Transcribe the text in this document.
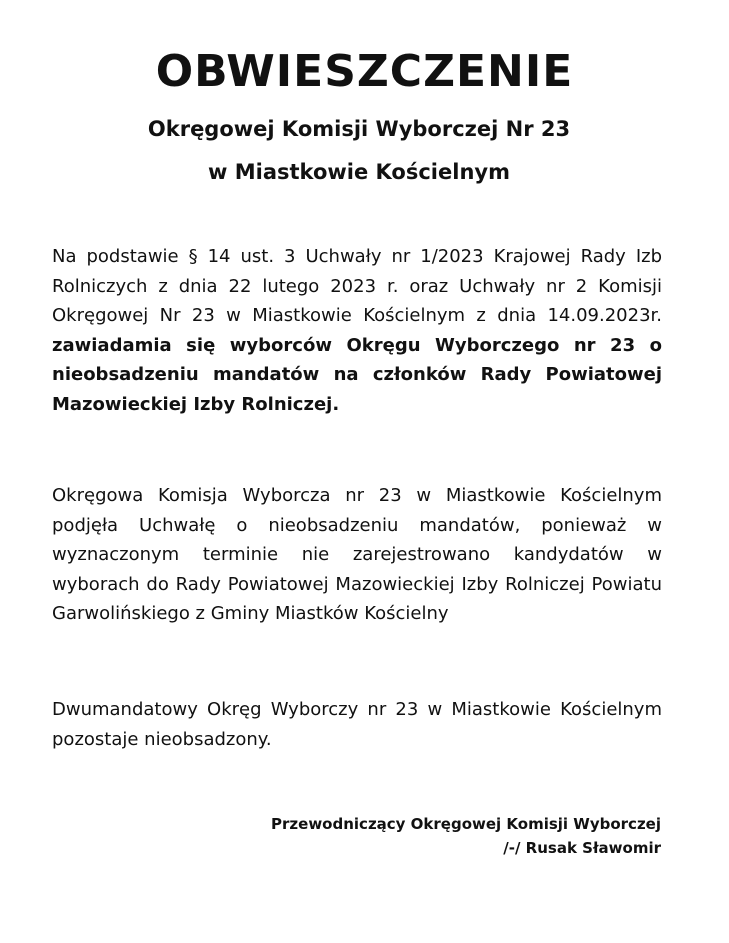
OBWIESZCZENIE
Okręgowej Komisji Wyborczej Nr 23
w Miastkowie Kościelnym

Na podstawie § 14 ust. 3 Uchwały nr 1/2023 Krajowej Rady Izb Rolniczych z dnia 22 lutego 2023 r. oraz Uchwały nr 2 Komisji Okręgowej Nr 23 w Miastkowie Kościelnym z dnia 14.09.2023r. zawiadamia się wyborców Okręgu Wyborczego nr 23 o nieobsadzeniu mandatów na członków Rady Powiatowej Mazowieckiej Izby Rolniczej.

Okręgowa Komisja Wyborcza nr 23 w Miastkowie Kościelnym podjęła Uchwałę o nieobsadzeniu mandatów, ponieważ w wyznaczonym terminie nie zarejestrowano kandydatów w wyborach do Rady Powiatowej Mazowieckiej Izby Rolniczej Powiatu Garwolińskiego z Gminy Miastków Kościelny

Dwumandatowy Okręg Wyborczy nr 23 w Miastkowie Kościelnym pozostaje nieobsadzony.

Przewodniczący Okręgowej Komisji Wyborczej
/-/ Rusak Sławomir
